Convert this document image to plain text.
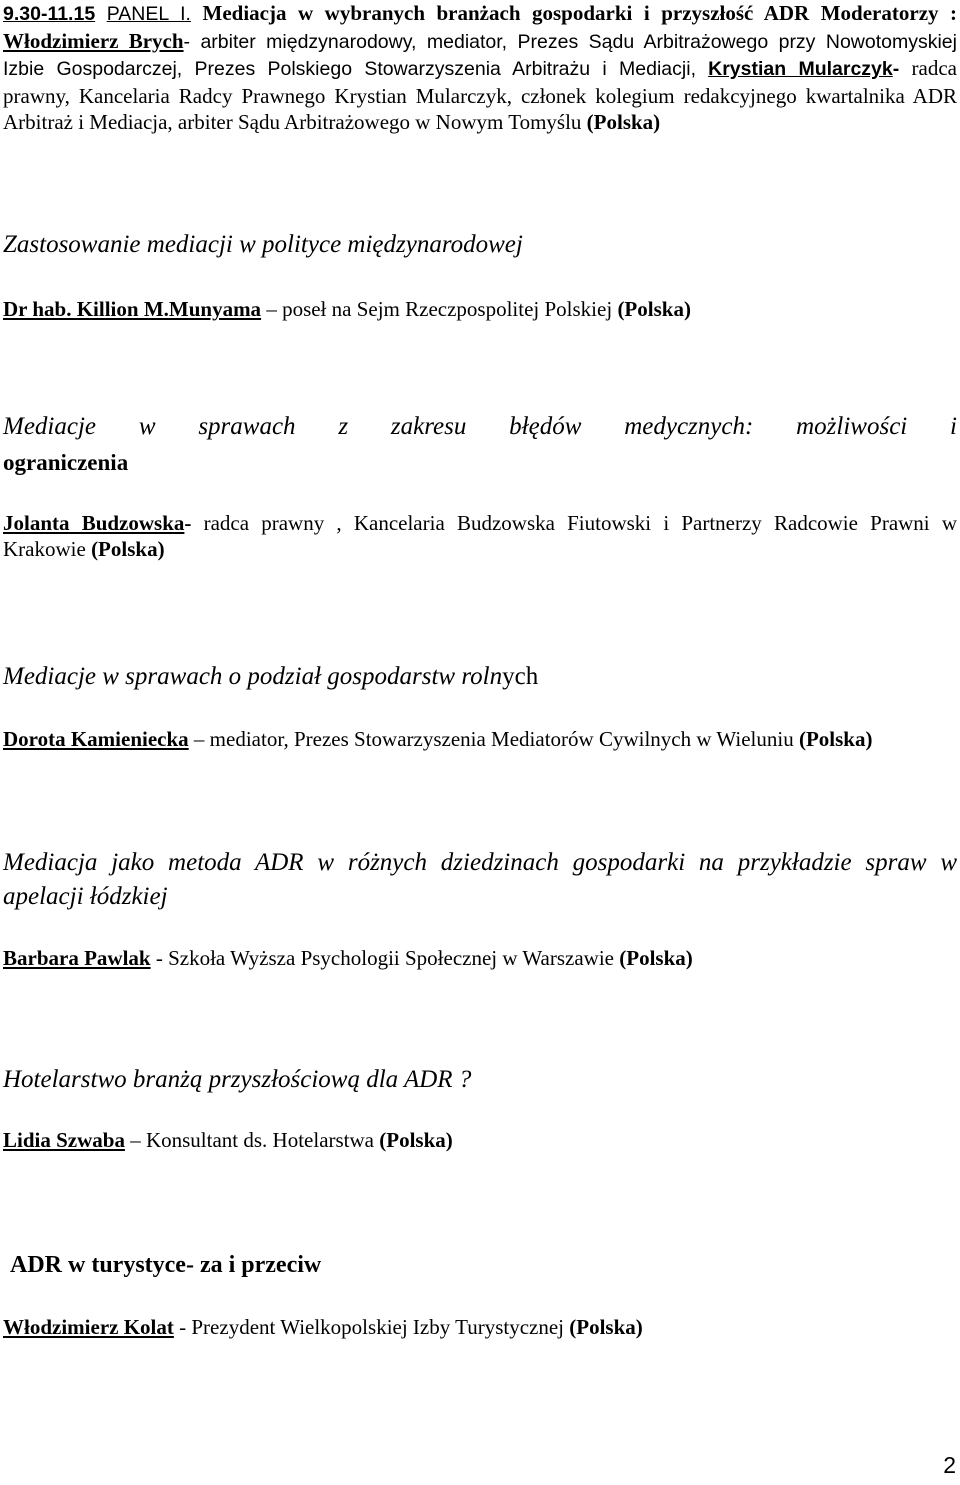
9.30-11.15 PANEL I. Mediacja w wybranych branżach gospodarki i przyszłość ADR Moderatorzy : Włodzimierz Brych- arbiter międzynarodowy, mediator, Prezes Sądu Arbitrażowego przy Nowotomyskiej Izbie Gospodarczej, Prezes Polskiego Stowarzyszenia Arbitrażu i Mediacji, Krystian Mularczyk- radca prawny, Kancelaria Radcy Prawnego Krystian Mularczyk, członek kolegium redakcyjnego kwartalnika ADR Arbitraż i Mediacja, arbiter Sądu Arbitrażowego w Nowym Tomyślu (Polska)
Zastosowanie mediacji w polityce międzynarodowej
Dr hab. Killion M.Munyama – poseł na Sejm Rzeczpospolitej Polskiej (Polska)
Mediacje w sprawach z zakresu błędów medycznych: możliwości i
ograniczenia
Jolanta Budzowska- radca prawny , Kancelaria Budzowska Fiutowski i Partnerzy Radcowie Prawni w Krakowie (Polska)
Mediacje w sprawach o podział gospodarstw rolnych
Dorota Kamieniecka – mediator, Prezes Stowarzyszenia Mediatorów Cywilnych w Wieluniu (Polska)
Mediacja jako metoda ADR w różnych dziedzinach gospodarki na przykładzie spraw w apelacji łódzkiej
Barbara Pawlak - Szkoła Wyższa Psychologii Społecznej w Warszawie (Polska)
Hotelarstwo branżą przyszłościową dla ADR ?
Lidia Szwaba – Konsultant ds. Hotelarstwa (Polska)
ADR w turystyce- za i przeciw
Włodzimierz Kolat - Prezydent Wielkopolskiej Izby Turystycznej (Polska)
2
